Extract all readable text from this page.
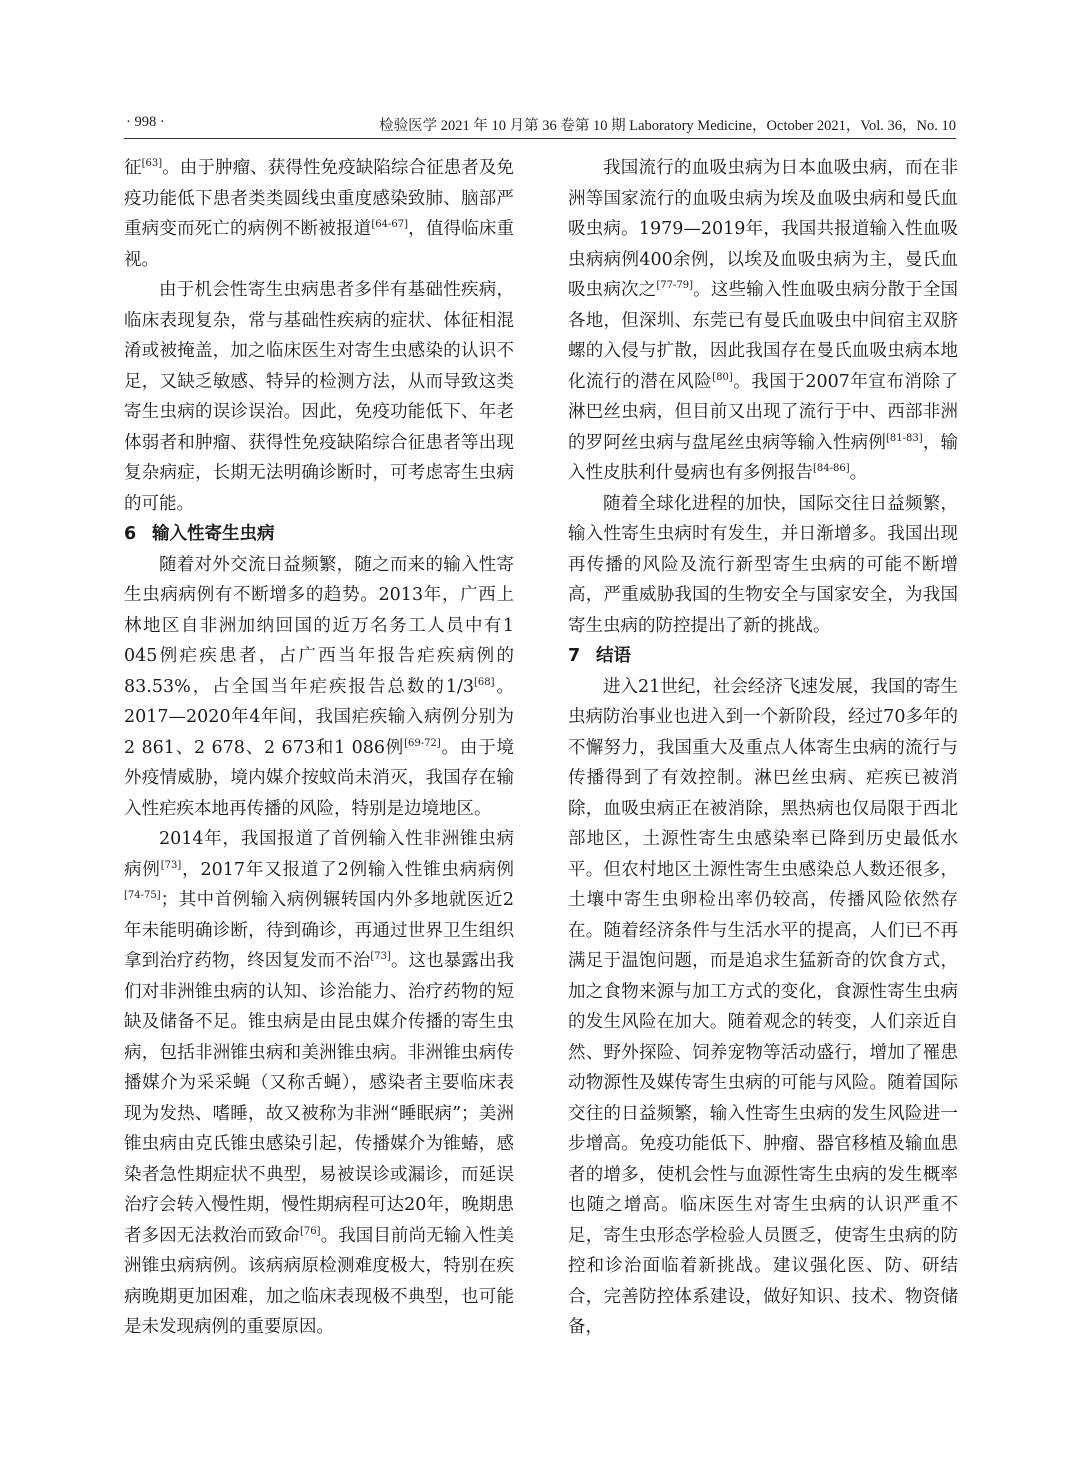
· 998 ·	检验医学 2021 年 10 月第 36 卷第 10 期 Laboratory Medicine，October 2021，Vol. 36，No. 10

征[63]。由于肿瘤、获得性免疫缺陷综合征患者及免疫功能低下患者类类圆线虫重度感染致肺、脑部严重病变而死亡的病例不断被报道[64-67]，值得临床重视。

由于机会性寄生虫病患者多伴有基础性疾病，临床表现复杂，常与基础性疾病的症状、体征相混淆或被掩盖，加之临床医生对寄生虫感染的认识不足，又缺乏敏感、特异的检测方法，从而导致这类寄生虫病的误诊误治。因此，免疫功能低下、年老体弱者和肿瘤、获得性免疫缺陷综合征患者等出现复杂病症，长期无法明确诊断时，可考虑寄生虫病的可能。

6 输入性寄生虫病

随着对外交流日益频繁，随之而来的输入性寄生虫病病例有不断增多的趋势。2013年，广西上林地区自非洲加纳回国的近万名务工人员中有1 045例疟疾患者，占广西当年报告疟疾病例的83.53%，占全国当年疟疾报告总数的1/3[68]。2017—2020年4年间，我国疟疾输入病例分别为2 861、2 678、2 673和1 086例[69-72]。由于境外疫情威胁，境内媒介按蚊尚未消灭，我国存在输入性疟疾本地再传播的风险，特别是边境地区。

2014年，我国报道了首例输入性非洲锥虫病病例[73]，2017年又报道了2例输入性锥虫病病例[74-75]；其中首例输入病例辗转国内外多地就医近2年未能明确诊断，待到确诊，再通过世界卫生组织拿到治疗药物，终因复发而不治[73]。这也暴露出我们对非洲锥虫病的认知、诊治能力、治疗药物的短缺及储备不足。锥虫病是由昆虫媒介传播的寄生虫病，包括非洲锥虫病和美洲锥虫病。非洲锥虫病传播媒介为采采蝇（又称舌蝇），感染者主要临床表现为发热、嗜睡，故又被称为非洲“睡眠病”；美洲锥虫病由克氏锥虫感染引起，传播媒介为锥蝽，感染者急性期症状不典型，易被误诊或漏诊，而延误治疗会转入慢性期，慢性期病程可达20年，晚期患者多因无法救治而致命[76]。我国目前尚无输入性美洲锥虫病病例。该病病原检测难度极大，特别在疾病晚期更加困难，加之临床表现极不典型，也可能是未发现病例的重要原因。

我国流行的血吸虫病为日本血吸虫病，而在非洲等国家流行的血吸虫病为埃及血吸虫病和曼氏血吸虫病。1979—2019年，我国共报道输入性血吸虫病病例400余例，以埃及血吸虫病为主，曼氏血吸虫病次之[77-79]。这些输入性血吸虫病分散于全国各地，但深圳、东莞已有曼氏血吸虫中间宿主双脐螺的入侵与扩散，因此我国存在曼氏血吸虫病本地化流行的潜在风险[80]。我国于2007年宣布消除了淋巴丝虫病，但目前又出现了流行于中、西部非洲的罗阿丝虫病与盘尾丝虫病等输入性病例[81-83]，输入性皮肤利什曼病也有多例报告[84-86]。

随着全球化进程的加快，国际交往日益频繁，输入性寄生虫病时有发生，并日渐增多。我国出现再传播的风险及流行新型寄生虫病的可能不断增高，严重威胁我国的生物安全与国家安全，为我国寄生虫病的防控提出了新的挑战。

7 结语

进入21世纪，社会经济飞速发展，我国的寄生虫病防治事业也进入到一个新阶段，经过70多年的不懈努力，我国重大及重点人体寄生虫病的流行与传播得到了有效控制。淋巴丝虫病、疟疾已被消除，血吸虫病正在被消除，黑热病也仅局限于西北部地区，土源性寄生虫感染率已降到历史最低水平。但农村地区土源性寄生虫感染总人数还很多，土壤中寄生虫卵检出率仍较高，传播风险依然存在。随着经济条件与生活水平的提高，人们已不再满足于温饱问题，而是追求生猛新奇的饮食方式，加之食物来源与加工方式的变化，食源性寄生虫病的发生风险在加大。随着观念的转变，人们亲近自然、野外探险、饲养宠物等活动盛行，增加了罹患动物源性及媒传寄生虫病的可能与风险。随着国际交往的日益频繁，输入性寄生虫病的发生风险进一步增高。免疫功能低下、肿瘤、器官移植及输血患者的增多，使机会性与血源性寄生虫病的发生概率也随之增高。临床医生对寄生虫病的认识严重不足，寄生虫形态学检验人员匮乏，使寄生虫病的防控和诊治面临着新挑战。建议强化医、防、研结合，完善防控体系建设，做好知识、技术、物资储备，
